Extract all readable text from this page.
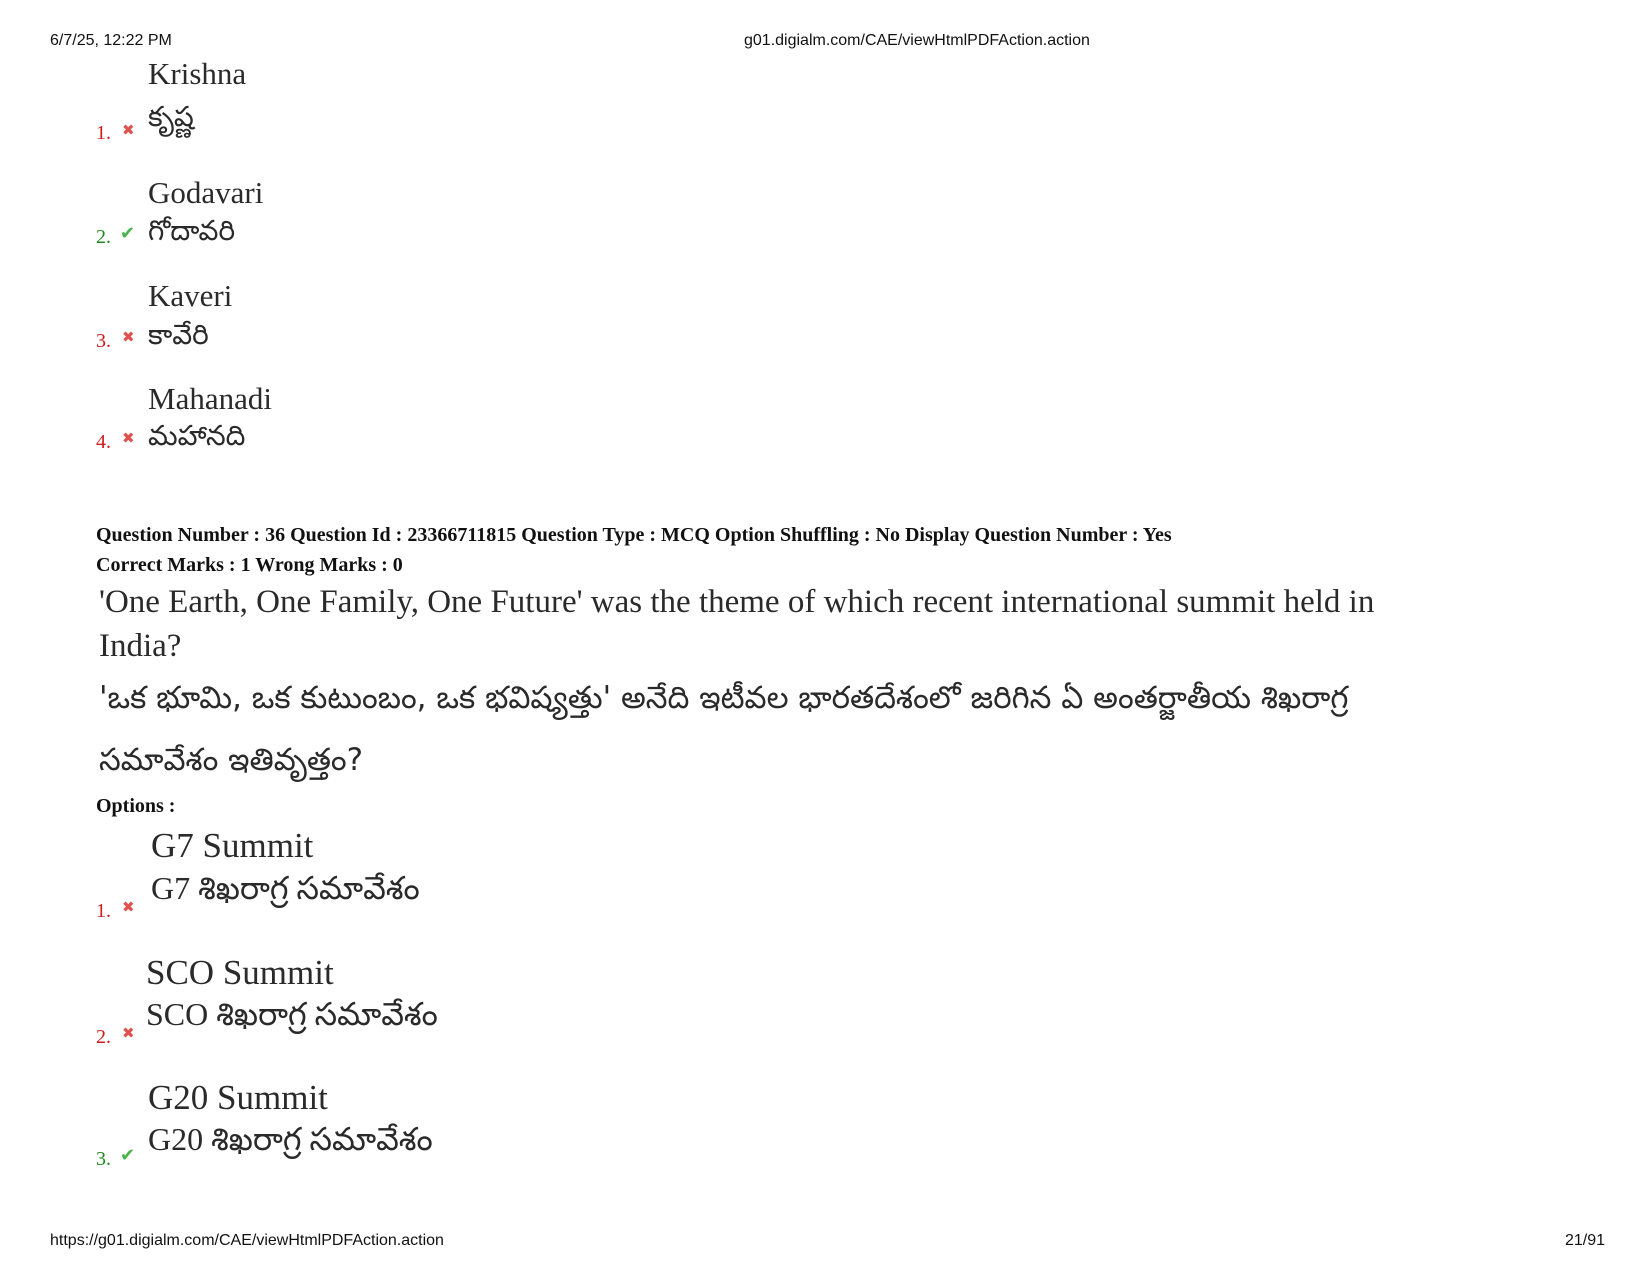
6/7/25, 12:22 PM	g01.digialm.com/CAE/viewHtmlPDFAction.action
Krishna
1. ✖ కృష్ణ
Godavari
2. ✔ గోదావరి
Kaveri
3. ✖ కావేరి
Mahanadi
4. ✖ మహానది
Question Number : 36 Question Id : 23366711815 Question Type : MCQ Option Shuffling : No Display Question Number : Yes
Correct Marks : 1 Wrong Marks : 0
'One Earth, One Family, One Future' was the theme of which recent international summit held in
India?
'ఒక భూమి, ఒక కుటుంబం, ఒక భవిష్యత్తు' అనేది ఇటీవల భారతదేశంలో జరిగిన ఏ అంతర్జాతీయ శిఖరాగ్ర
సమావేశం ఇతివృత్తం?
Options :
G7 Summit
1. ✖
G7 శిఖరాగ్ర సమావేశం
SCO Summit
2. ✖
SCO శిఖరాగ్ర సమావేశం
G20 Summit
3. ✔ G20 శిఖరాగ్ర సమావేశం
https://g01.digialm.com/CAE/viewHtmlPDFAction.action	21/91
